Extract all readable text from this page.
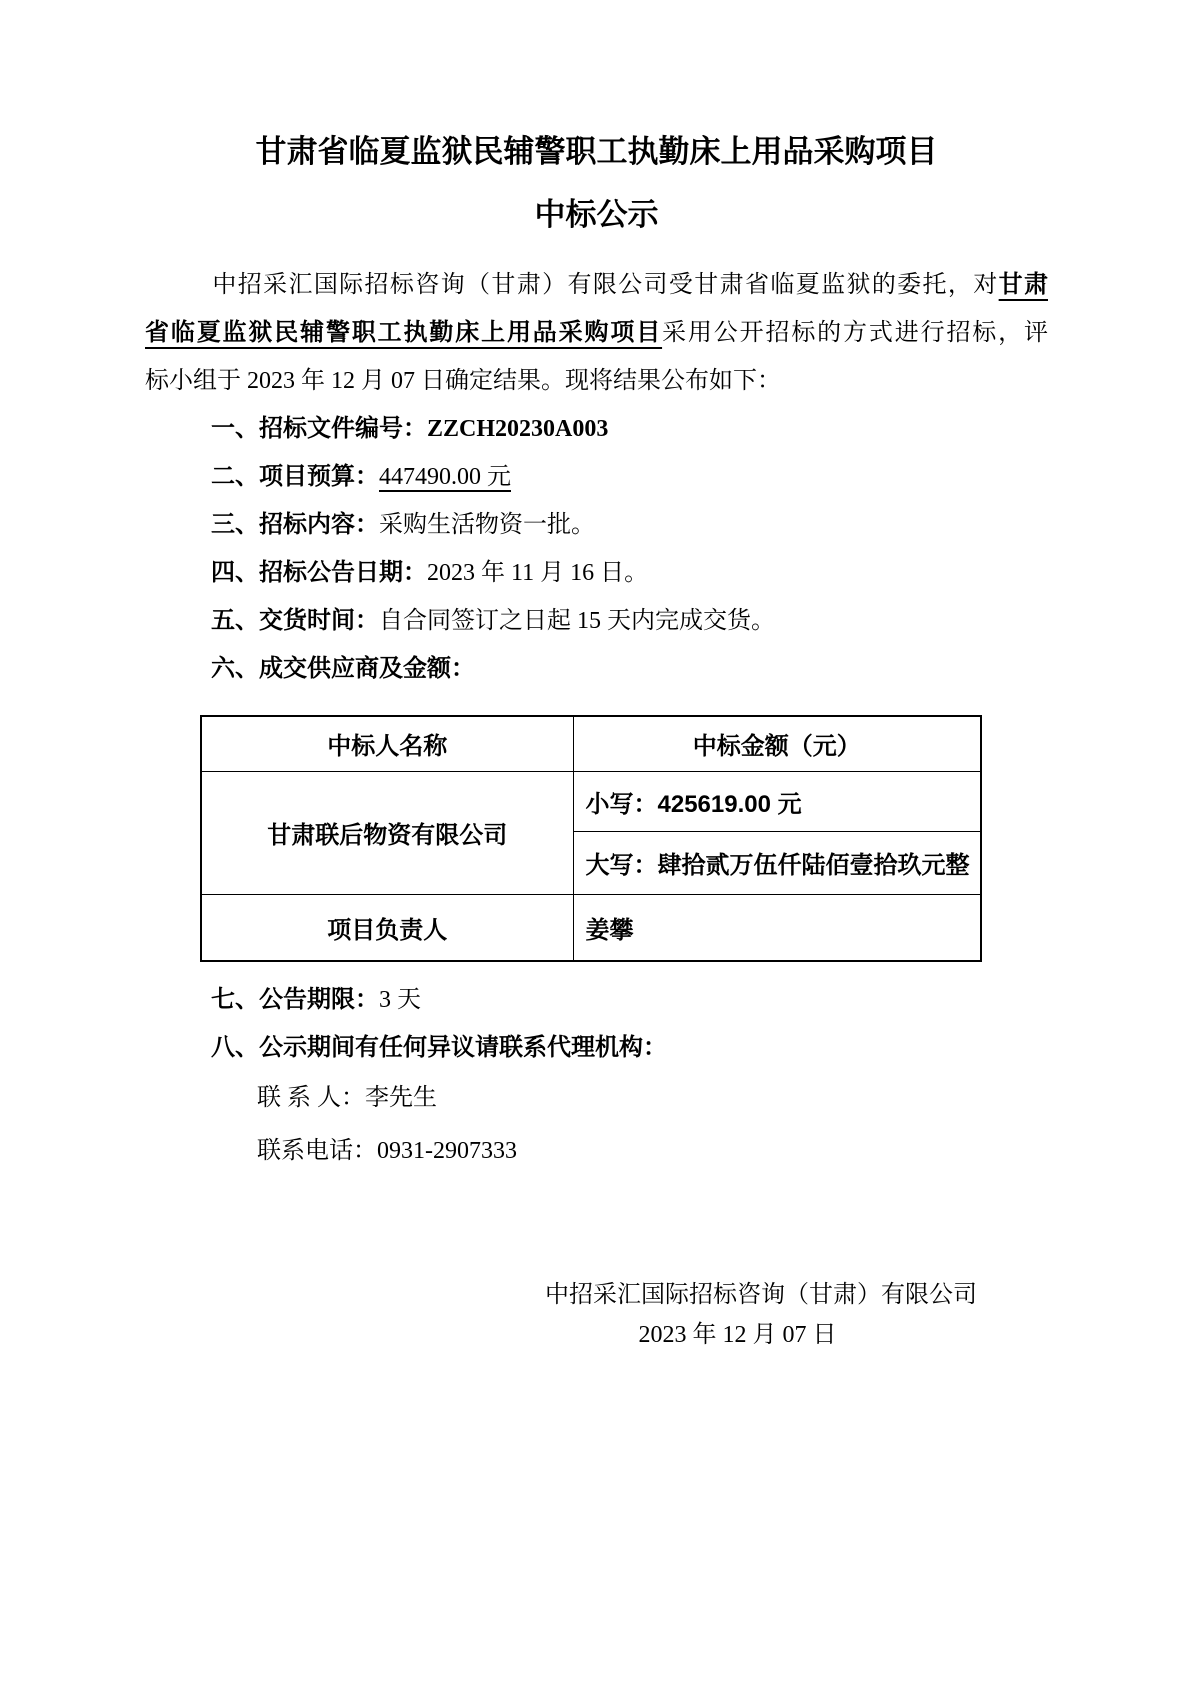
甘肃省临夏监狱民辅警职工执勤床上用品采购项目
中标公示
中招采汇国际招标咨询（甘肃）有限公司受甘肃省临夏监狱的委托，对甘肃
省临夏监狱民辅警职工执勤床上用品采购项目采用公开招标的方式进行招标，评
标小组于 2023 年 12 月 07 日确定结果。现将结果公布如下：
一、招标文件编号：ZZCH20230A003
二、项目预算：447490.00 元
三、招标内容：采购生活物资一批。
四、招标公告日期：2023 年 11 月 16 日。
五、交货时间：自合同签订之日起 15 天内完成交货。
六、成交供应商及金额：
中标人名称	中标金额（元）
甘肃联后物资有限公司	小写：425619.00 元
	大写：肆拾贰万伍仟陆佰壹拾玖元整
项目负责人	姜攀
七、公告期限：3 天
八、公示期间有任何异议请联系代理机构：
联 系 人：李先生
联系电话：0931-2907333
中招采汇国际招标咨询（甘肃）有限公司
2023 年 12 月 07 日
